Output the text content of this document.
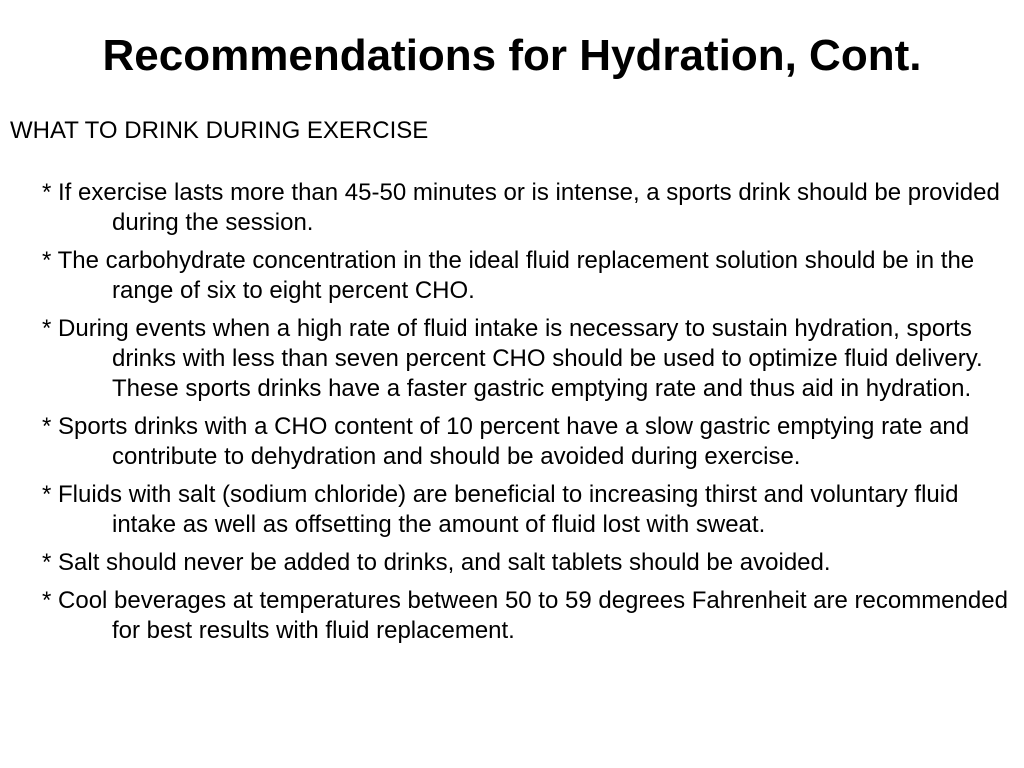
Recommendations for Hydration, Cont.
WHAT TO DRINK DURING EXERCISE
* If exercise lasts more than 45-50 minutes or is intense, a sports drink should be provided during the session.
* The carbohydrate concentration in the ideal fluid replacement solution should be in the range of six to eight percent CHO.
* During events when a high rate of fluid intake is necessary to sustain hydration, sports drinks with less than seven percent CHO should be used to optimize fluid delivery. These sports drinks have a faster gastric emptying rate and thus aid in hydration.
* Sports drinks with a CHO content of 10 percent have a slow gastric emptying rate and contribute to dehydration and should be avoided during exercise.
* Fluids with salt (sodium chloride) are beneficial to increasing thirst and voluntary fluid intake as well as offsetting the amount of fluid lost with sweat.
* Salt should never be added to drinks, and salt tablets should be avoided.
* Cool beverages at temperatures between 50 to 59 degrees Fahrenheit are recommended for best results with fluid replacement.
